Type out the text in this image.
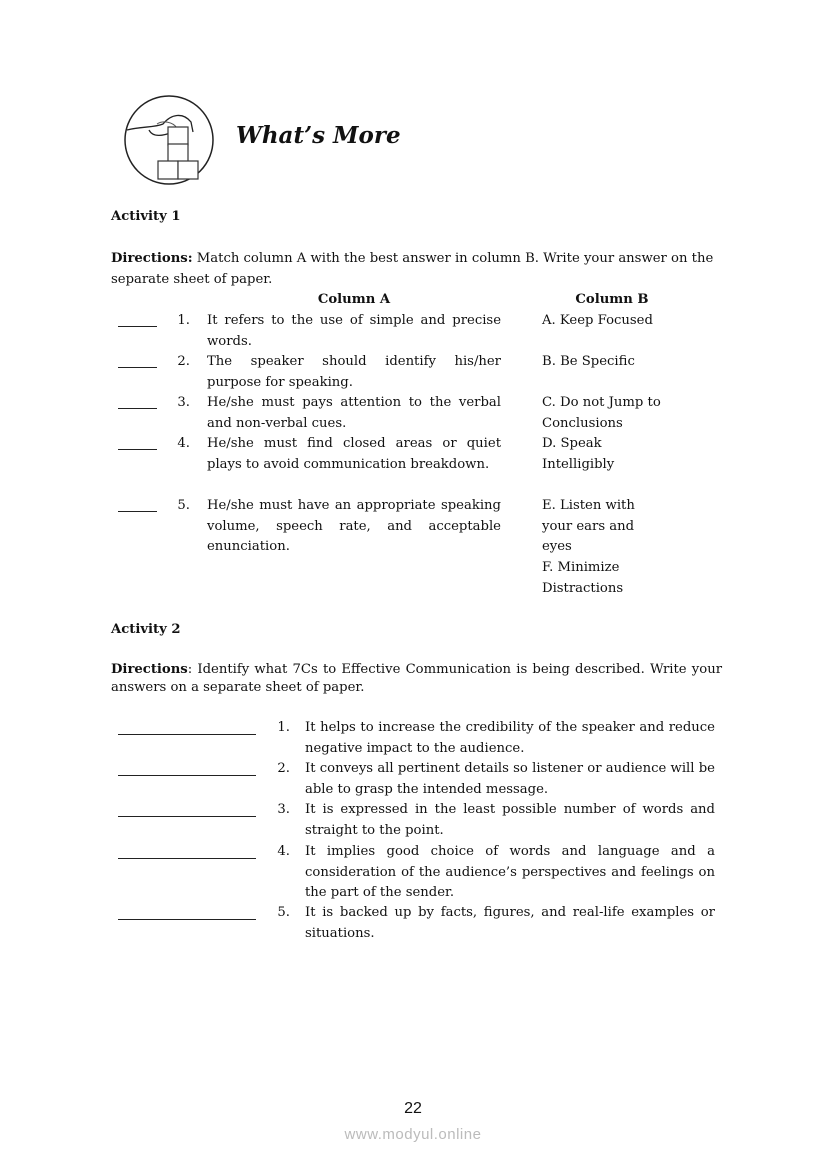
What’s More
Activity 1
Directions: Match column A with the best answer in column B. Write your answer on the separate sheet of paper.
Column A	Column B
1. It refers to the use of simple and precise words.
2. The speaker should identify his/her purpose for speaking.
3. He/she must pays attention to the verbal and non-verbal cues.
4. He/she must find closed areas or quiet plays to avoid communication breakdown.
5. He/she must have an appropriate speaking volume, speech rate, and acceptable enunciation.
A. Keep Focused
B. Be Specific
C. Do not Jump to Conclusions
D. Speak Intelligibly
E. Listen with your ears and eyes
F. Minimize Distractions
Activity 2
Directions: Identify what 7Cs to Effective Communication is being described. Write your answers on a separate sheet of paper.
1. It helps to increase the credibility of the speaker and reduce negative impact to the audience.
2. It conveys all pertinent details so listener or audience will be able to grasp the intended message.
3. It is expressed in the least possible number of words and straight to the point.
4. It implies good choice of words and language and a consideration of the audience’s perspectives and feelings on the part of the sender.
5. It is backed up by facts, figures, and real-life examples or situations.
22
www.modyul.online
